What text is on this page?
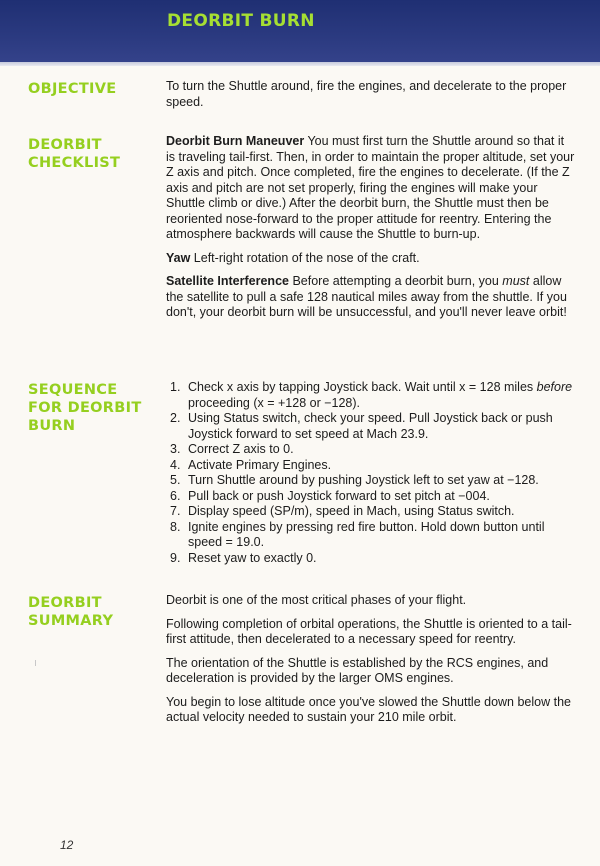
DEORBIT BURN
OBJECTIVE	To turn the Shuttle around, fire the engines, and decelerate to the proper speed.

DEORBIT
CHECKLIST

Deorbit Burn Maneuver You must first turn the Shuttle around so that it is traveling tail-first. Then, in order to maintain the proper altitude, set your Z axis and pitch. Once completed, fire the engines to decelerate. (If the Z axis and pitch are not set properly, firing the engines will make your Shuttle climb or dive.) After the deorbit burn, the Shuttle must then be reoriented nose-forward to the proper attitude for reentry. Entering the atmosphere backwards will cause the Shuttle to burn-up.

Yaw Left-right rotation of the nose of the craft.

Satellite Interference Before attempting a deorbit burn, you must allow the satellite to pull a safe 128 nautical miles away from the shuttle. If you don't, your deorbit burn will be unsuccessful, and you'll never leave orbit!

SEQUENCE
FOR DEORBIT
BURN
1. Check x axis by tapping Joystick back. Wait until x = 128 miles before proceeding (x = +128 or −128).
2. Using Status switch, check your speed. Pull Joystick back or push Joystick forward to set speed at Mach 23.9.
3. Correct Z axis to 0.
4. Activate Primary Engines.
5. Turn Shuttle around by pushing Joystick left to set yaw at −128.
6. Pull back or push Joystick forward to set pitch at −004.
7. Display speed (SP/m), speed in Mach, using Status switch.
8. Ignite engines by pressing red fire button. Hold down button until speed = 19.0.
9. Reset yaw to exactly 0.
DEORBIT
SUMMARY

Deorbit is one of the most critical phases of your flight.

Following completion of orbital operations, the Shuttle is oriented to a tail-first attitude, then decelerated to a necessary speed for reentry.

The orientation of the Shuttle is established by the RCS engines, and deceleration is provided by the larger OMS engines.

You begin to lose altitude once you've slowed the Shuttle down below the actual velocity needed to sustain your 210 mile orbit.

12
